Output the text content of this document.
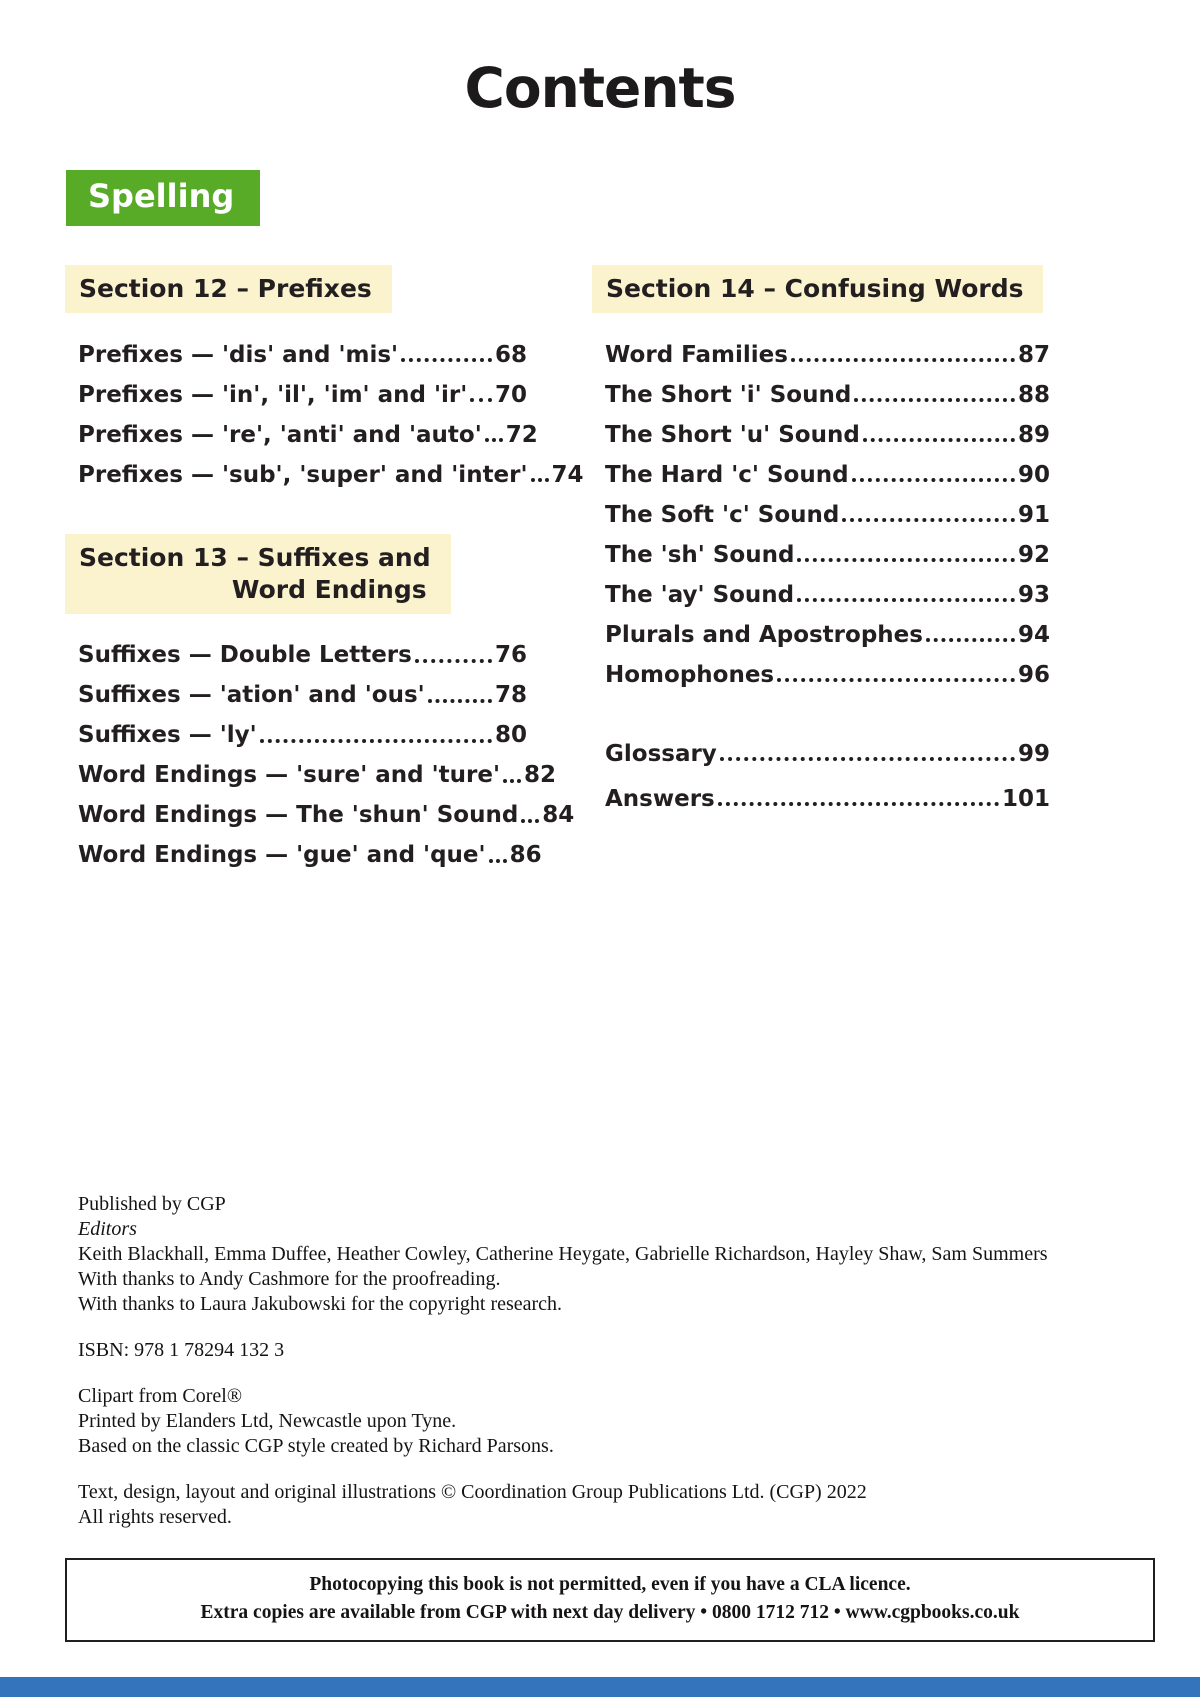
Contents
Spelling
Section 12 – Prefixes
Prefixes — 'dis' and 'mis'	68
Prefixes — 'in', 'il', 'im' and 'ir' 70
Prefixes — 're', 'anti' and 'auto' 72
Prefixes — 'sub', 'super' and 'inter' 74
Section 13 – Suffixes and
Word Endings
Suffixes — Double Letters	76
Suffixes — 'ation' and 'ous'	78
Suffixes — 'ly'	80
Word Endings — 'sure' and 'ture' 82
Word Endings — The 'shun' Sound 84
Word Endings — 'gue' and 'que' 86
Section 14 – Confusing Words
Word Families	87
The Short 'i' Sound	88
The Short 'u' Sound	89
The Hard 'c' Sound	90
The Soft 'c' Sound	91
The 'sh' Sound	92
The 'ay' Sound	93
Plurals and Apostrophes	94
Homophones	96
Glossary	99
Answers	101

Published by CGP

Editors

Keith Blackhall, Emma Duffee, Heather Cowley, Catherine Heygate, Gabrielle Richardson, Hayley Shaw, Sam Summers

With thanks to Andy Cashmore for the proofreading.

With thanks to Laura Jakubowski for the copyright research.

ISBN: 978 1 78294 132 3

Clipart from Corel®

Printed by Elanders Ltd, Newcastle upon Tyne.

Based on the classic CGP style created by Richard Parsons.

Text, design, layout and original illustrations © Coordination Group Publications Ltd. (CGP) 2022

All rights reserved.

Photocopying this book is not permitted, even if you have a CLA licence.
Extra copies are available from CGP with next day delivery • 0800 1712 712 • www.cgpbooks.co.uk
